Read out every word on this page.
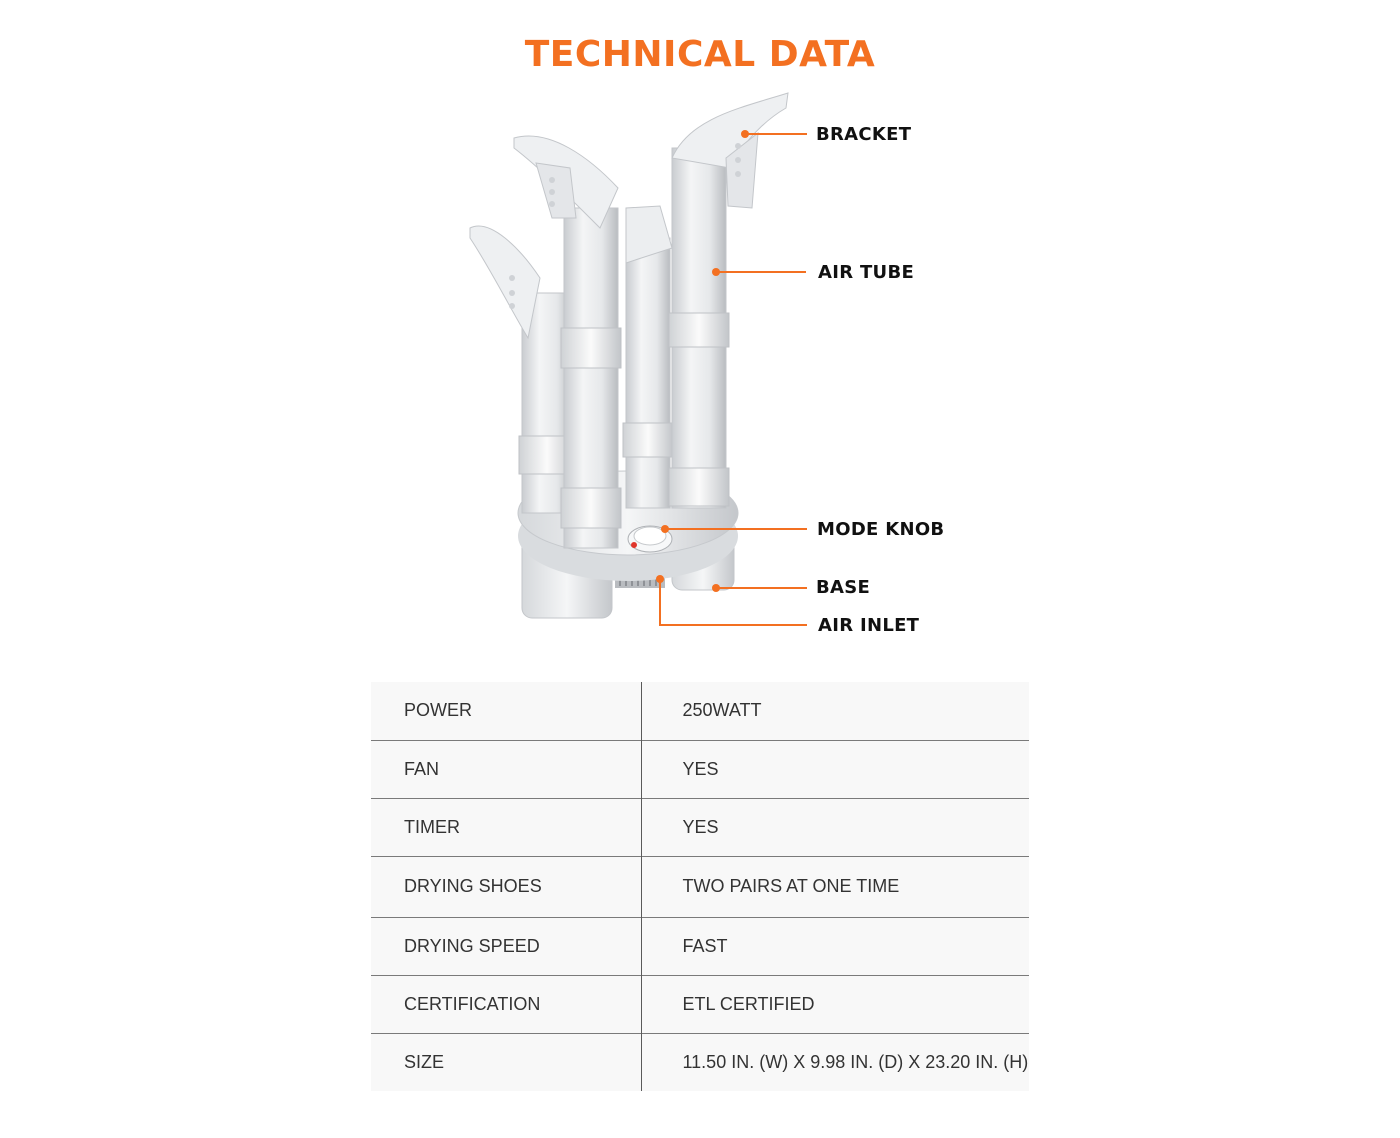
TECHNICAL DATA
BRACKET
AIR TUBE
MODE KNOB
BASE
AIR INLET
POWER	250WATT
FAN	YES
TIMER	YES
DRYING SHOES	TWO PAIRS AT ONE TIME
DRYING SPEED	FAST
CERTIFICATION	ETL CERTIFIED
SIZE	11.50 IN. (W) X 9.98 IN. (D) X 23.20 IN. (H)
